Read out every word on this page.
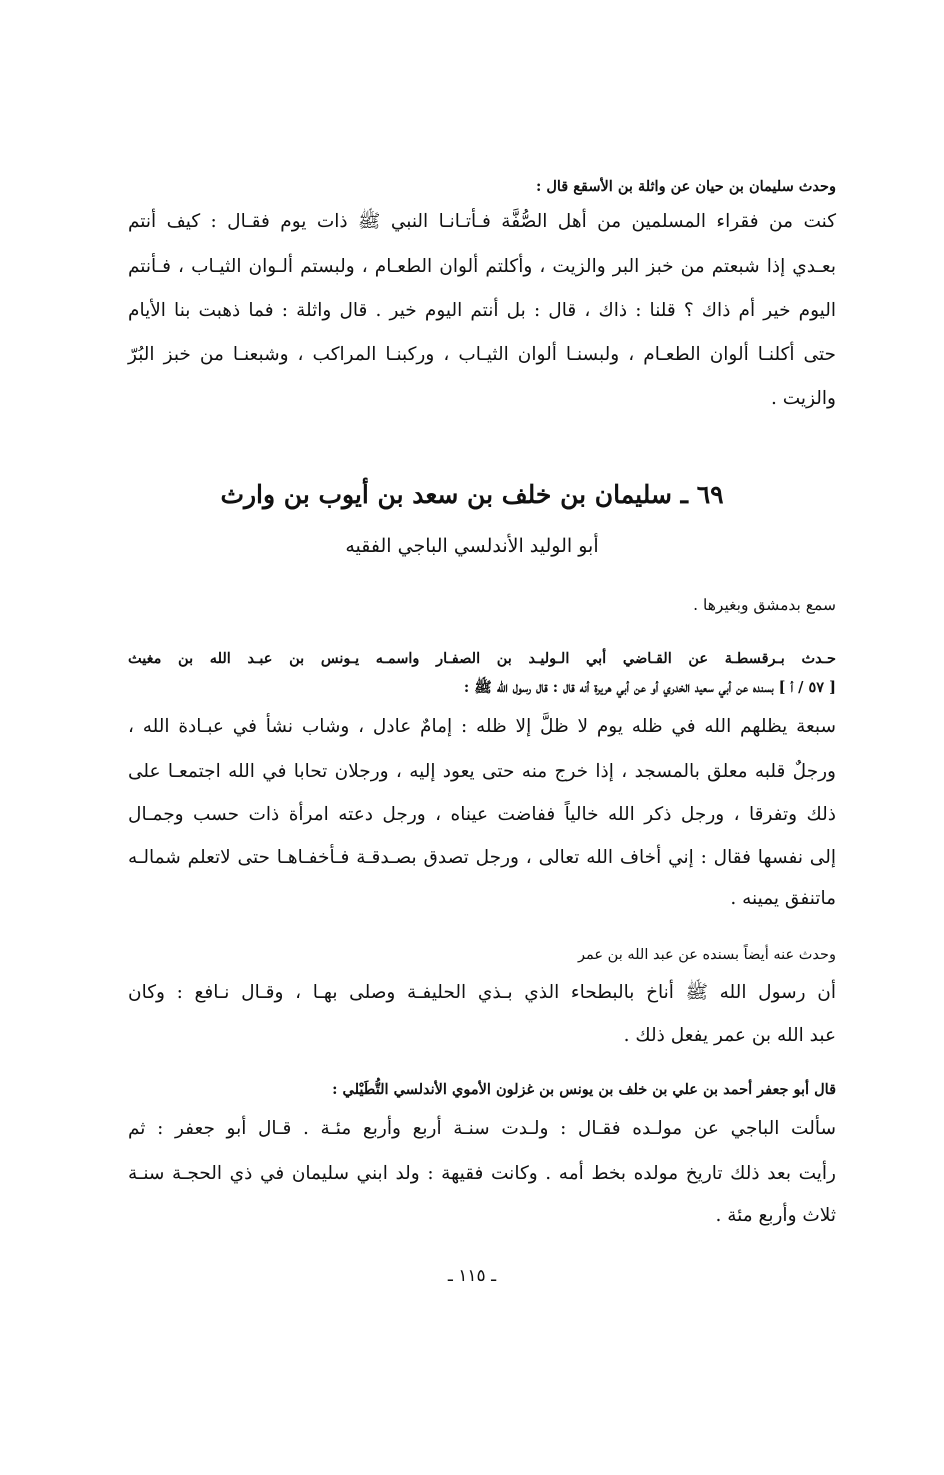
وحدث سليمان بن حيان عن واثلة بن الأسقع قال :
كنت من فقراء المسلمين من أهل الصُّفَّة فـأتـانـا النبي ﷺ ذات يوم فقـال : كيف أنتم
بعـدي إذا شبعتم من خبز البر والزيت ، وأكلتم ألوان الطعـام ، ولبستم ألـوان الثيـاب ، فـأنتم
اليوم خير أم ذاك ؟ قلنا : ذاك ، قال : بل أنتم اليوم خير . قال واثلة : فما ذهبت بنا الأيام
حتى أكلنـا ألوان الطعـام ، ولبسنـا ألوان الثيـاب ، وركبنـا المراكب ، وشبعنـا من خبز البُرّ
والزيت .
٦٩ ـ سليمان بن خلف بن سعد بن أيوب بن وارث
أبو الوليد الأندلسي الباجي الفقيه
سمع بدمشق وبغيرها .
حـدث بـرقسطـة عن القـاضي أبي الـوليـد بن الصفـار واسمـه يـونس بن عبـد الله بن مغيث
[ ٥٧ / أ ] بسنده عن أبي سعيد الخدري أو عن أبي هريرة أنه قال : قال رسول الله ﷺ :
سبعة يظلهم الله في ظله يوم لا ظلَّ إلا ظله : إمامٌ عادل ، وشاب نشأ في عبـادة الله ،
ورجلٌ قلبه معلق بالمسجد ، إذا خرج منه حتى يعود إليه ، ورجلان تحابا في الله اجتمعـا على
ذلك وتفرقا ، ورجل ذكر الله خالياً ففاضت عيناه ، ورجل دعته امرأة ذات حسب وجمـال
إلى نفسها فقال : إني أخاف الله تعالى ، ورجل تصدق بصـدقـة فـأخفـاهـا حتى لاتعلم شمالـه
ماتنفق يمينه .
وحدث عنه أيضاً بسنده عن عبد الله بن عمر
أن رسول الله ﷺ أناخ بالبطحاء الذي بـذي الحليفـة وصلى بهـا ، وقـال نـافع : وكان
عبد الله بن عمر يفعل ذلك .
قال أبو جعفر أحمد بن علي بن خلف بن يونس بن غزلون الأموي الأندلسي التُّطَيْلي :
سألت الباجي عن مولـده فقـال : ولـدت سنـة أربع وأربع مئـة . قـال أبو جعفر : ثم
رأيت بعد ذلك تاريخ مولده بخط أمه . وكانت فقيهة : ولد ابني سليمان في ذي الحجـة سنـة
ثلاث وأربع مئة .
ـ ١١٥ ـ
